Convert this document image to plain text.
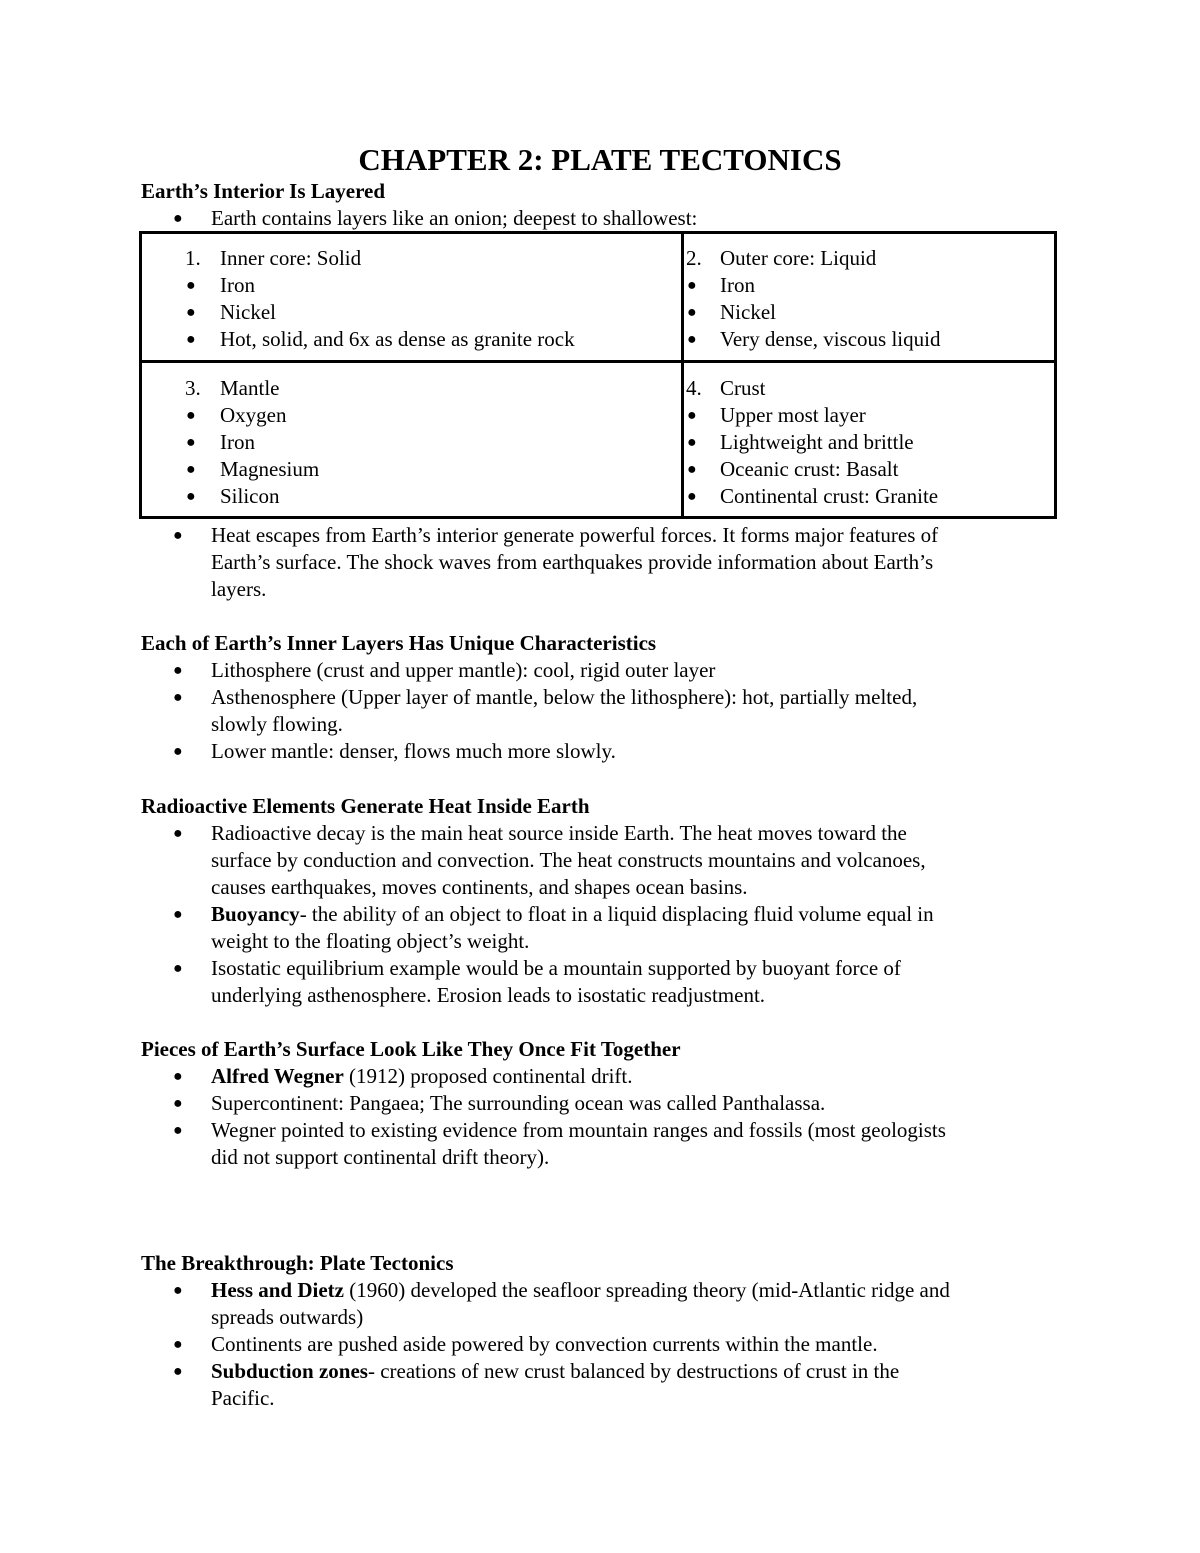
CHAPTER 2: PLATE TECTONICS
Earth’s Interior Is Layered
● Earth contains layers like an onion; deepest to shallowest:
1. Inner core: Solid
● Iron
● Nickel
● Hot, solid, and 6x as dense as granite rock
2. Outer core: Liquid
● Iron
● Nickel
● Very dense, viscous liquid
3. Mantle
● Oxygen
● Iron
● Magnesium
● Silicon
4. Crust
● Upper most layer
● Lightweight and brittle
● Oceanic crust: Basalt
● Continental crust: Granite
● Heat escapes from Earth’s interior generate powerful forces. It forms major features of
Earth’s surface. The shock waves from earthquakes provide information about Earth’s
layers.
Each of Earth’s Inner Layers Has Unique Characteristics
● Lithosphere (crust and upper mantle): cool, rigid outer layer
● Asthenosphere (Upper layer of mantle, below the lithosphere): hot, partially melted,
slowly flowing.
● Lower mantle: denser, flows much more slowly.
Radioactive Elements Generate Heat Inside Earth
● Radioactive decay is the main heat source inside Earth. The heat moves toward the
surface by conduction and convection. The heat constructs mountains and volcanoes,
causes earthquakes, moves continents, and shapes ocean basins.
● Buoyancy- the ability of an object to float in a liquid displacing fluid volume equal in
weight to the floating object’s weight.
● Isostatic equilibrium example would be a mountain supported by buoyant force of
underlying asthenosphere. Erosion leads to isostatic readjustment.
Pieces of Earth’s Surface Look Like They Once Fit Together
● Alfred Wegner (1912) proposed continental drift.
● Supercontinent: Pangaea; The surrounding ocean was called Panthalassa.
● Wegner pointed to existing evidence from mountain ranges and fossils (most geologists
did not support continental drift theory).
The Breakthrough: Plate Tectonics
● Hess and Dietz (1960) developed the seafloor spreading theory (mid-Atlantic ridge and
spreads outwards)
● Continents are pushed aside powered by convection currents within the mantle.
● Subduction zones- creations of new crust balanced by destructions of crust in the
Pacific.
